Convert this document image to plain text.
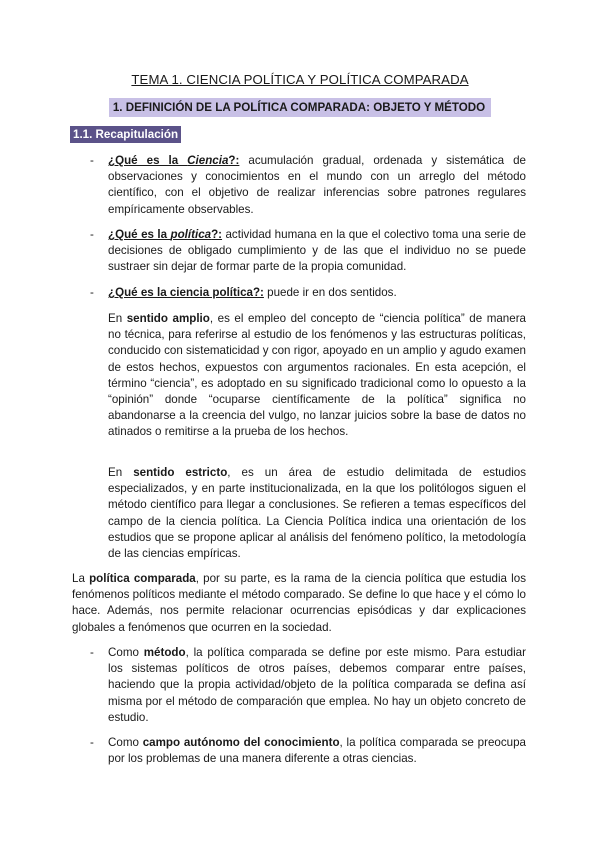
TEMA 1. CIENCIA POLÍTICA Y POLÍTICA COMPARADA
1. DEFINICIÓN DE LA POLÍTICA COMPARADA: OBJETO Y MÉTODO
1.1. Recapitulación
- ¿Qué es la Ciencia?: acumulación gradual, ordenada y sistemática de observaciones y conocimientos en el mundo con un arreglo del método científico, con el objetivo de realizar inferencias sobre patrones regulares empíricamente observables.
- ¿Qué es la política?: actividad humana en la que el colectivo toma una serie de decisiones de obligado cumplimiento y de las que el individuo no se puede sustraer sin dejar de formar parte de la propia comunidad.
- ¿Qué es la ciencia política?: puede ir en dos sentidos.
En sentido amplio, es el empleo del concepto de “ciencia política” de manera no técnica, para referirse al estudio de los fenómenos y las estructuras políticas, conducido con sistematicidad y con rigor, apoyado en un amplio y agudo examen de estos hechos, expuestos con argumentos racionales. En esta acepción, el término “ciencia”, es adoptado en su significado tradicional como lo opuesto a la “opinión” donde “ocuparse científicamente de la política” significa no abandonarse a la creencia del vulgo, no lanzar juicios sobre la base de datos no atinados o remitirse a la prueba de los hechos.
En sentido estricto, es un área de estudio delimitada de estudios especializados, y en parte institucionalizada, en la que los politólogos siguen el método científico para llegar a conclusiones. Se refieren a temas específicos del campo de la ciencia política. La Ciencia Política indica una orientación de los estudios que se propone aplicar al análisis del fenómeno político, la metodología de las ciencias empíricas.
La política comparada, por su parte, es la rama de la ciencia política que estudia los fenómenos políticos mediante el método comparado. Se define lo que hace y el cómo lo hace. Además, nos permite relacionar ocurrencias episódicas y dar explicaciones globales a fenómenos que ocurren en la sociedad.
- Como método, la política comparada se define por este mismo. Para estudiar los sistemas políticos de otros países, debemos comparar entre países, haciendo que la propia actividad/objeto de la política comparada se defina así misma por el método de comparación que emplea. No hay un objeto concreto de estudio.
- Como campo autónomo del conocimiento, la política comparada se preocupa por los problemas de una manera diferente a otras ciencias.
